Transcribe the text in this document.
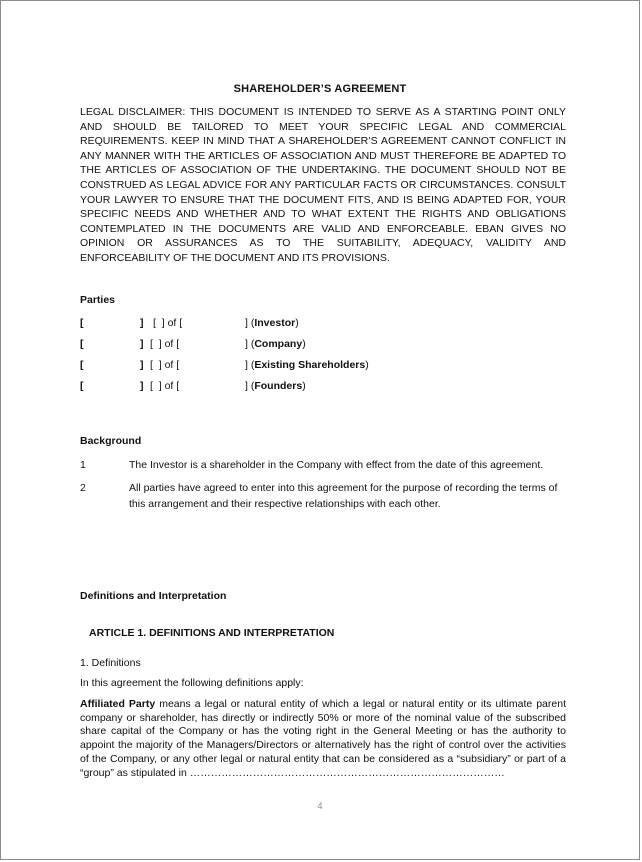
SHAREHOLDER’S AGREEMENT
LEGAL DISCLAIMER: THIS DOCUMENT IS INTENDED TO SERVE AS A STARTING POINT ONLY AND SHOULD BE TAILORED TO MEET YOUR SPECIFIC LEGAL AND COMMERCIAL REQUIREMENTS. KEEP IN MIND THAT A SHAREHOLDER’S AGREEMENT CANNOT CONFLICT IN ANY MANNER WITH THE ARTICLES OF ASSOCIATION AND MUST THEREFORE BE ADAPTED TO THE ARTICLES OF ASSOCIATION OF THE UNDERTAKING. THE DOCUMENT SHOULD NOT BE CONSTRUED AS LEGAL ADVICE FOR ANY PARTICULAR FACTS OR CIRCUMSTANCES. CONSULT YOUR LAWYER TO ENSURE THAT THE DOCUMENT FITS, AND IS BEING ADAPTED FOR, YOUR SPECIFIC NEEDS AND WHETHER AND TO WHAT EXTENT THE RIGHTS AND OBLIGATIONS CONTEMPLATED IN THE DOCUMENTS ARE VALID AND ENFORCEABLE. EBAN GIVES NO OPINION OR ASSURANCES AS TO THE SUITABILITY, ADEQUACY, VALIDITY AND ENFORCEABILITY OF THE DOCUMENT AND ITS PROVISIONS.
Parties
[	] [  ] of [	] (Investor)
[	] [  ] of [	] (Company)
[	] [  ] of [	] (Existing Shareholders)
[	] [  ] of [	] (Founders)
Background
1	The Investor is a shareholder in the Company with effect from the date of this agreement.
2	All parties have agreed to enter into this agreement for the purpose of recording the terms of this arrangement and their respective relationships with each other.
Definitions and Interpretation
ARTICLE 1. DEFINITIONS AND INTERPRETATION
1. Definitions
In this agreement the following definitions apply:
Affiliated Party means a legal or natural entity of which a legal or natural entity or its ultimate parent company or shareholder, has directly or indirectly 50% or more of the nominal value of the subscribed share capital of the Company or has the voting right in the General Meeting or has the authority to appoint the majority of the Managers/Directors or alternatively has the right of control over the activities of the Company, or any other legal or natural entity that can be considered as a “subsidiary” or part of a “group” as stipulated in ………………………………………………………………………………
4
